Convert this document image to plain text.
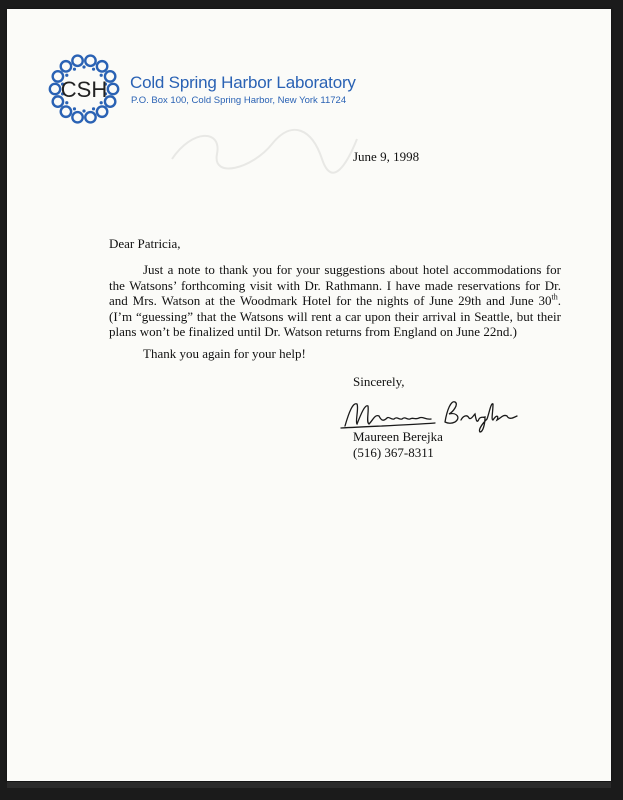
CSH Cold Spring Harbor Laboratory
P.O. Box 100, Cold Spring Harbor, New York 11724
June 9, 1998
Dear Patricia,
Just a note to thank you for your suggestions about hotel accommodations for the Watsons’ forthcoming visit with Dr. Rathmann. I have made reservations for Dr. and Mrs. Watson at the Woodmark Hotel for the nights of June 29th and June 30th. (I’m “guessing” that the Watsons will rent a car upon their arrival in Seattle, but their plans won’t be finalized until Dr. Watson returns from England on June 22nd.)
Thank you again for your help!
Sincerely,
Maureen Berejka
(516) 367-8311
